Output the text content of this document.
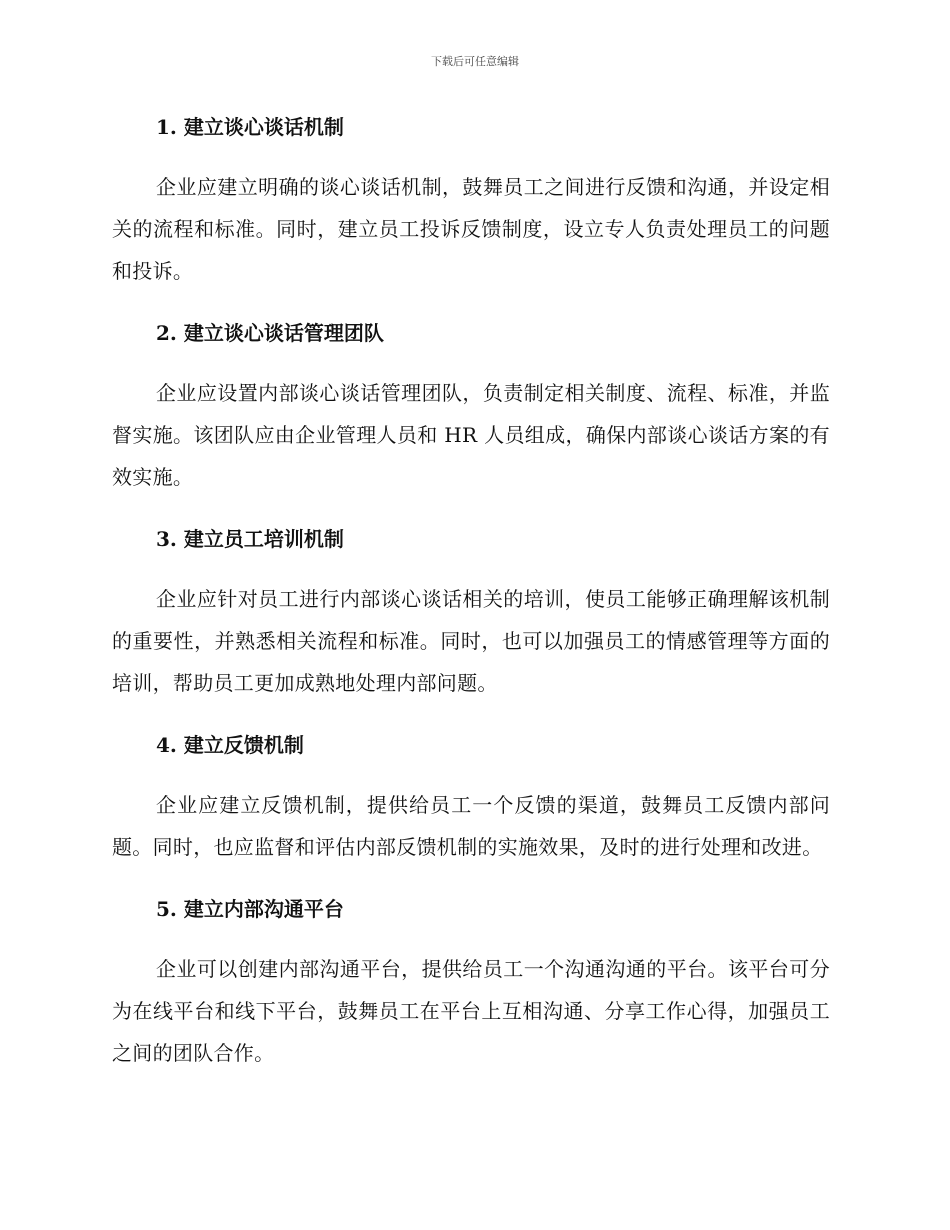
下载后可任意编辑
1. 建立谈心谈话机制

企业应建立明确的谈心谈话机制，鼓舞员工之间进行反馈和沟通，并设定相关的流程和标准。同时，建立员工投诉反馈制度，设立专人负责处理员工的问题和投诉。

2. 建立谈心谈话管理团队

企业应设置内部谈心谈话管理团队，负责制定相关制度、流程、标准，并监督实施。该团队应由企业管理人员和 HR 人员组成，确保内部谈心谈话方案的有效实施。

3. 建立员工培训机制

企业应针对员工进行内部谈心谈话相关的培训，使员工能够正确理解该机制的重要性，并熟悉相关流程和标准。同时，也可以加强员工的情感管理等方面的培训，帮助员工更加成熟地处理内部问题。

4. 建立反馈机制

企业应建立反馈机制，提供给员工一个反馈的渠道，鼓舞员工反馈内部问题。同时，也应监督和评估内部反馈机制的实施效果，及时的进行处理和改进。

5. 建立内部沟通平台

企业可以创建内部沟通平台，提供给员工一个沟通沟通的平台。该平台可分为在线平台和线下平台，鼓舞员工在平台上互相沟通、分享工作心得，加强员工之间的团队合作。
